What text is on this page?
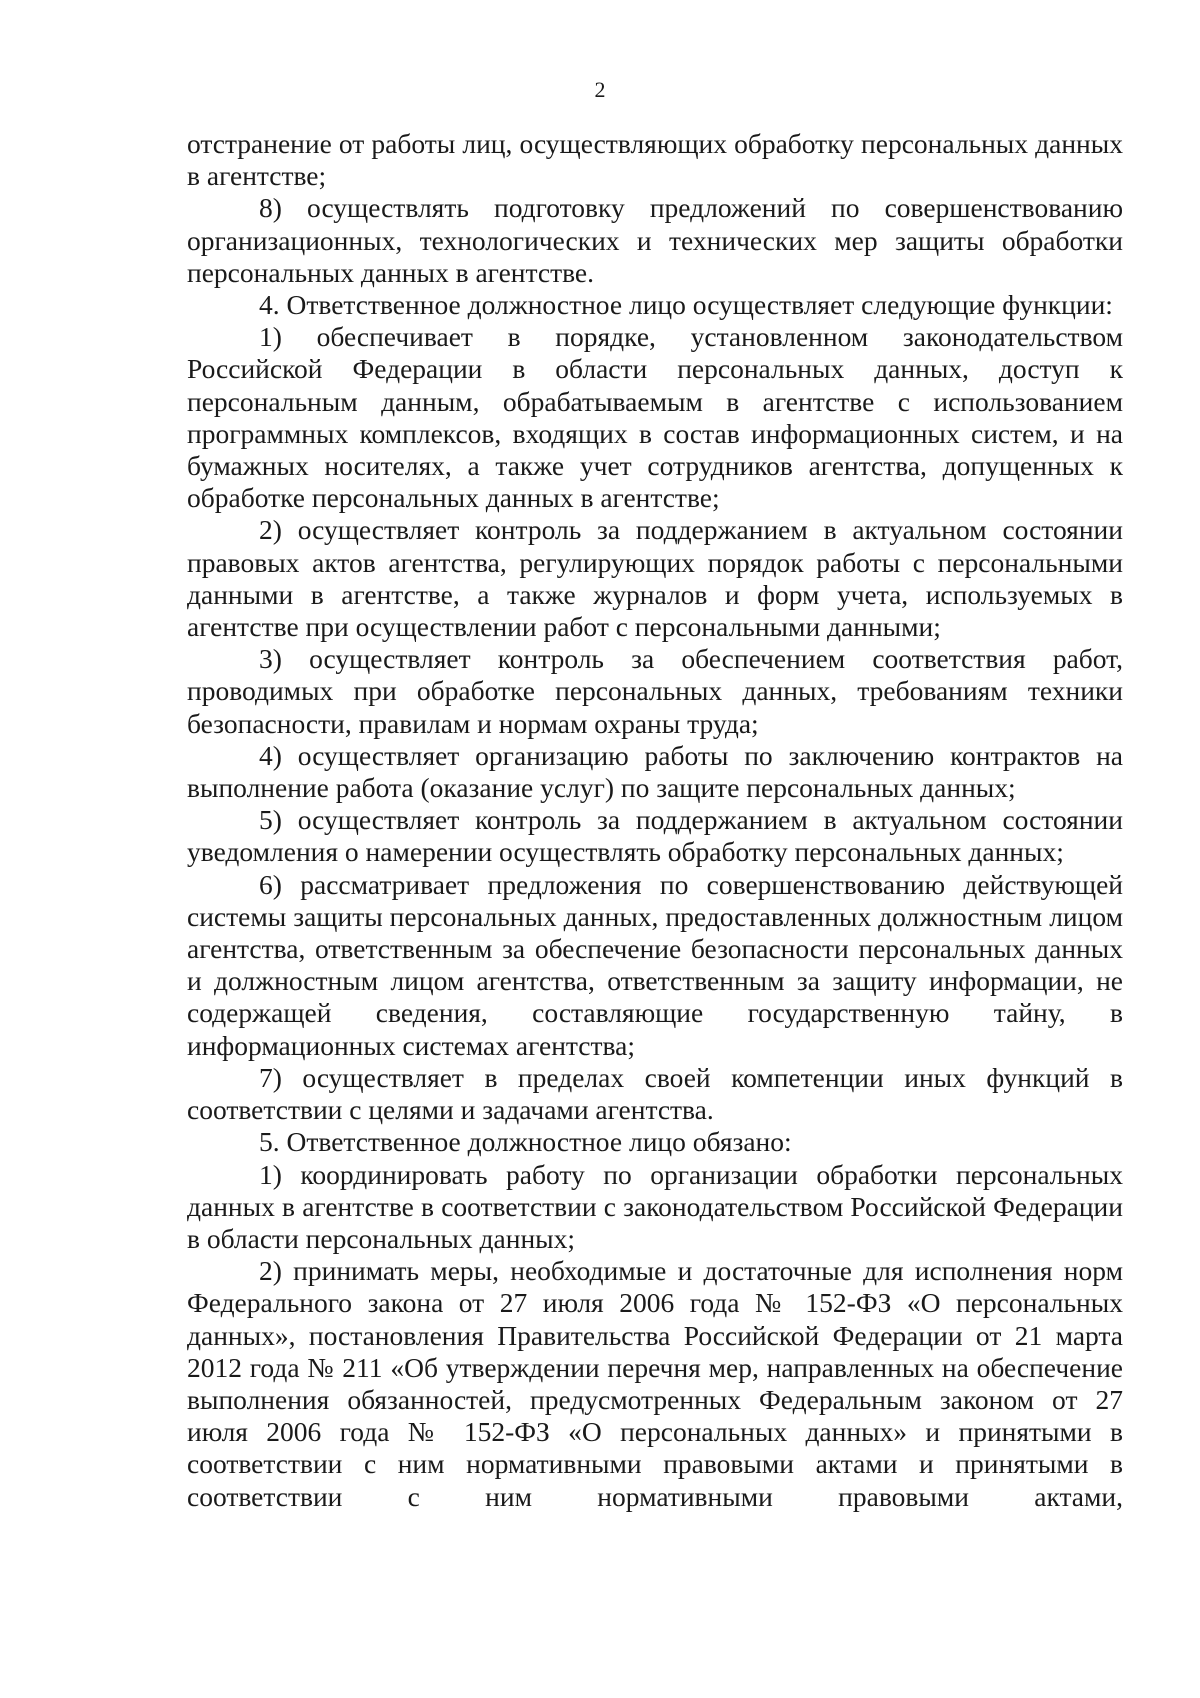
2

отстранение от работы лиц, осуществляющих обработку персональных данных в агентстве;

8) осуществлять подготовку предложений по совершенствованию организационных, технологических и технических мер защиты обработки персональных данных в агентстве.

4. Ответственное должностное лицо осуществляет следующие функции:

1) обеспечивает в порядке, установленном законодательством Российской Федерации в области персональных данных, доступ к персональным данным, обрабатываемым в агентстве с использованием программных комплексов, входящих в состав информационных систем, и на бумажных носителях, а также учет сотрудников агентства, допущенных к обработке персональных данных в агентстве;

2) осуществляет контроль за поддержанием в актуальном состоянии правовых актов агентства, регулирующих порядок работы с персональными данными в агентстве, а также журналов и форм учета, используемых в агентстве при осуществлении работ с персональными данными;

3) осуществляет контроль за обеспечением соответствия работ, проводимых при обработке персональных данных, требованиям техники безопасности, правилам и нормам охраны труда;

4) осуществляет организацию работы по заключению контрактов на выполнение работа (оказание услуг) по защите персональных данных;

5) осуществляет контроль за поддержанием в актуальном состоянии уведомления о намерении осуществлять обработку персональных данных;

6) рассматривает предложения по совершенствованию действующей системы защиты персональных данных, предоставленных должностным лицом агентства, ответственным за обеспечение безопасности персональных данных и должностным лицом агентства, ответственным за защиту информации, не содержащей сведения, составляющие государственную тайну, в информационных системах агентства;

7) осуществляет в пределах своей компетенции иных функций в соответствии с целями и задачами агентства.

5. Ответственное должностное лицо обязано:

1) координировать работу по организации обработки персональных данных в агентстве в соответствии с законодательством Российской Федерации в области персональных данных;

2) принимать меры, необходимые и достаточные для исполнения норм Федерального закона от 27 июля 2006 года № 152-ФЗ «О персональных данных», постановления Правительства Российской Федерации от 21 марта 2012 года № 211 «Об утверждении перечня мер, направленных на обеспечение выполнения обязанностей, предусмотренных Федеральным законом от 27 июля 2006 года № 152-ФЗ «О персональных данных» и принятыми в соответствии с ним нормативными правовыми актами и принятыми в соответствии с ним нормативными правовыми актами,
